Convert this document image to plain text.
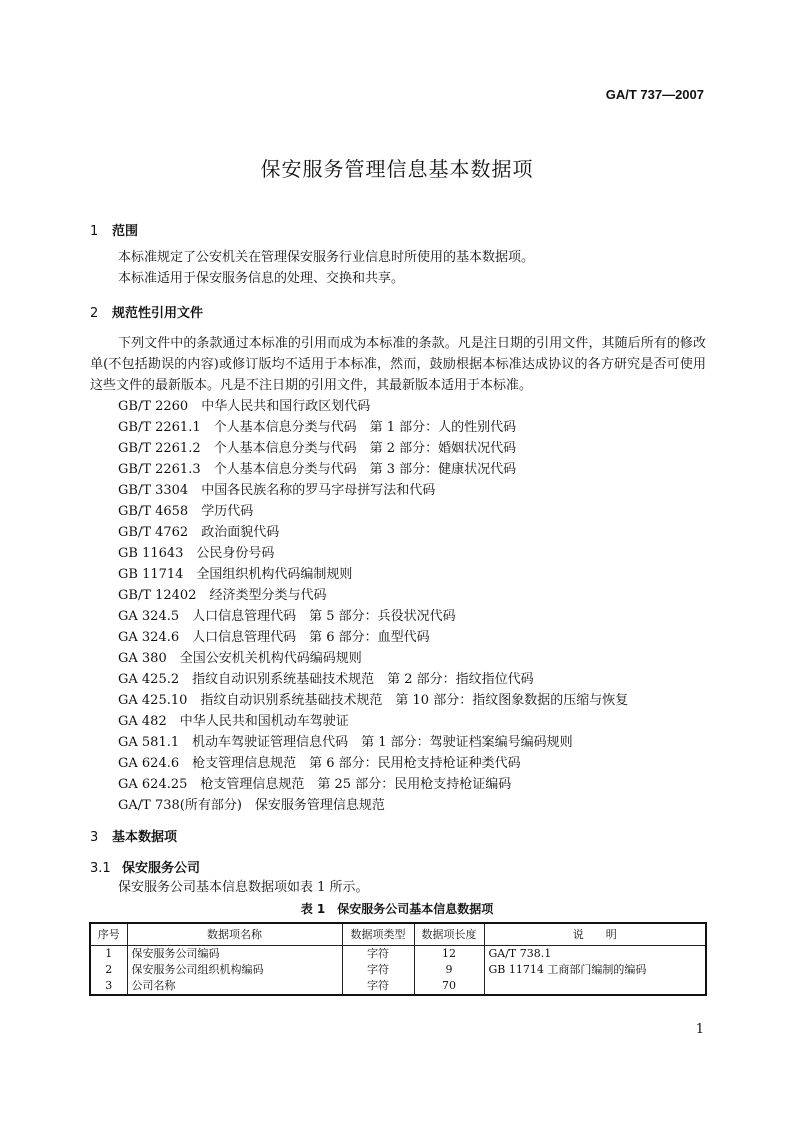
GA/T 737—2007
保安服务管理信息基本数据项
1 范围
本标准规定了公安机关在管理保安服务行业信息时所使用的基本数据项。
本标准适用于保安服务信息的处理、交换和共享。
2 规范性引用文件
下列文件中的条款通过本标准的引用而成为本标准的条款。凡是注日期的引用文件，其随后所有的修改单(不包括勘误的内容)或修订版均不适用于本标准，然而，鼓励根据本标准达成协议的各方研究是否可使用这些文件的最新版本。凡是不注日期的引用文件，其最新版本适用于本标准。
GB/T 2260　中华人民共和国行政区划代码
GB/T 2261.1　个人基本信息分类与代码　第 1 部分：人的性别代码
GB/T 2261.2　个人基本信息分类与代码　第 2 部分：婚姻状况代码
GB/T 2261.3　个人基本信息分类与代码　第 3 部分：健康状况代码
GB/T 3304　中国各民族名称的罗马字母拼写法和代码
GB/T 4658　学历代码
GB/T 4762　政治面貌代码
GB 11643　公民身份号码
GB 11714　全国组织机构代码编制规则
GB/T 12402　经济类型分类与代码
GA 324.5　人口信息管理代码　第 5 部分：兵役状况代码
GA 324.6　人口信息管理代码　第 6 部分：血型代码
GA 380　全国公安机关机构代码编码规则
GA 425.2　指纹自动识别系统基础技术规范　第 2 部分：指纹指位代码
GA 425.10　指纹自动识别系统基础技术规范　第 10 部分：指纹图象数据的压缩与恢复
GA 482　中华人民共和国机动车驾驶证
GA 581.1　机动车驾驶证管理信息代码　第 1 部分：驾驶证档案编号编码规则
GA 624.6　枪支管理信息规范　第 6 部分：民用枪支持枪证种类代码
GA 624.25　枪支管理信息规范　第 25 部分：民用枪支持枪证编码
GA/T 738(所有部分)　保安服务管理信息规范
3 基本数据项
3.1 保安服务公司
保安服务公司基本信息数据项如表 1 所示。
表 1　保安服务公司基本信息数据项
序号	数据项名称	数据项类型	数据项长度	说　　明
1	保安服务公司编码	字符	12	GA/T 738.1
2	保安服务公司组织机构编码	字符	9	GB 11714 工商部门编制的编码
3	公司名称	字符	70	
1
